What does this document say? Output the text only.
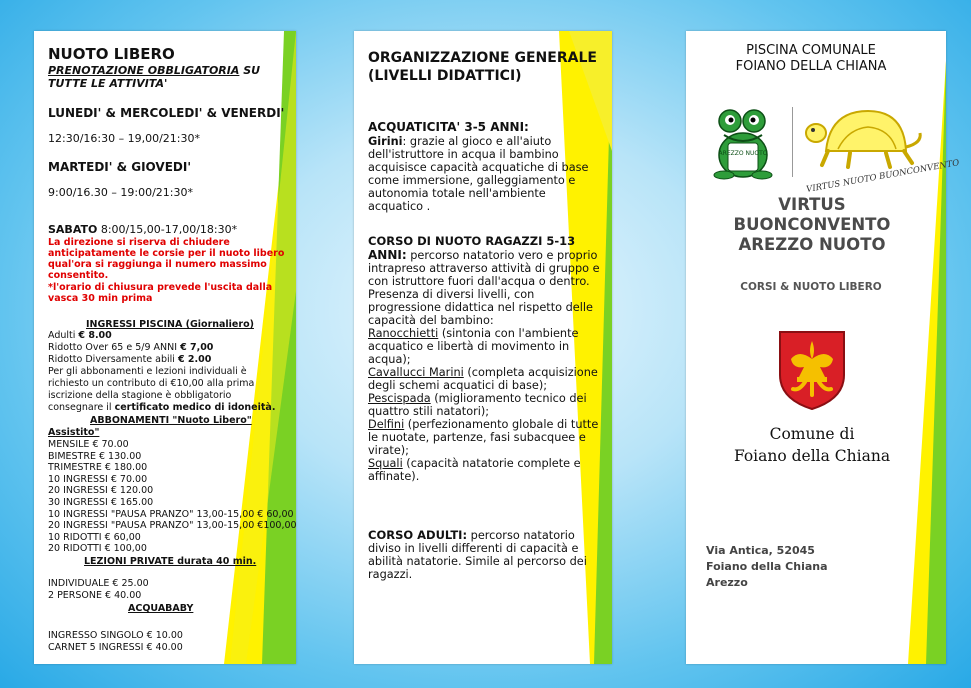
NUOTO LIBERO
PRENOTAZIONE OBBLIGATORIA SU TUTTE LE ATTIVITA'
LUNEDI' & MERCOLEDI' & VENERDI'
12:30/16:30 – 19,00/21:30*
MARTEDI' & GIOVEDI'
9:00/16.30 – 19:00/21:30*
SABATO 8:00/15,00-17,00/18:30*
La direzione si riserva di chiudere anticipatamente le corsie per il nuoto libero qual'ora si raggiunga il numero massimo consentito.
*l'orario di chiusura prevede l'uscita dalla vasca 30 min prima
INGRESSI PISCINA (Giornaliero)
Adulti € 8.00
Ridotto Over 65 e 5/9 ANNI € 7,00
Ridotto Diversamente abili € 2.00
Per gli abbonamenti e lezioni individuali è richiesto un contributo di €10,00 alla prima iscrizione della stagione è obbligatorio consegnare il certificato medico di idoneità.
ABBONAMENTI "Nuoto Libero"
Assistito"
MENSILE € 70.00
BIMESTRE € 130.00
TRIMESTRE € 180.00
10 INGRESSI € 70.00
20 INGRESSI € 120.00
30 INGRESSI € 165.00
10 INGRESSI "PAUSA PRANZO" 13,00-15,00 € 60,00
20 INGRESSI "PAUSA PRANZO" 13,00-15,00 €100,00
10 RIDOTTI € 60,00
20 RIDOTTI € 100,00
LEZIONI PRIVATE durata 40 min.
INDIVIDUALE € 25.00
2 PERSONE € 40.00
ACQUABABY
INGRESSO SINGOLO € 10.00
CARNET 5 INGRESSI € 40.00
ORGANIZZAZIONE GENERALE (LIVELLI DIDATTICI)
ACQUATICITA' 3-5 ANNI:
Girini: grazie al gioco e all'aiuto dell'istruttore in acqua il bambino acquisisce capacità acquatiche di base come immersione, galleggiamento e autonomia totale nell'ambiente acquatico .
CORSO DI NUOTO RAGAZZI 5-13
ANNI: percorso natatorio vero e proprio intrapreso attraverso attività di gruppo e con istruttore fuori dall'acqua o dentro. Presenza di diversi livelli, con progressione didattica nel rispetto delle capacità del bambino:
Ranocchietti (sintonia con l'ambiente acquatico e libertà di movimento in acqua);
Cavallucci Marini (completa acquisizione degli schemi acquatici di base);
Pescispada (miglioramento tecnico dei quattro stili natatori);
Delfini (perfezionamento globale di tutte le nuotate, partenze, fasi subacquee e virate);
Squali (capacità natatorie complete e affinate).
CORSO ADULTI: percorso natatorio diviso in livelli differenti di capacità e abilità natatorie. Simile al percorso dei ragazzi.
PISCINA COMUNALE
FOIANO DELLA CHIANA
AREZZO NUOTO
VIRTUS NUOTO BUONCONVENTO
VIRTUS
BUONCONVENTO
AREZZO NUOTO
CORSI & NUOTO LIBERO
Comune di
Foiano della Chiana
Via Antica, 52045
Foiano della Chiana
Arezzo
